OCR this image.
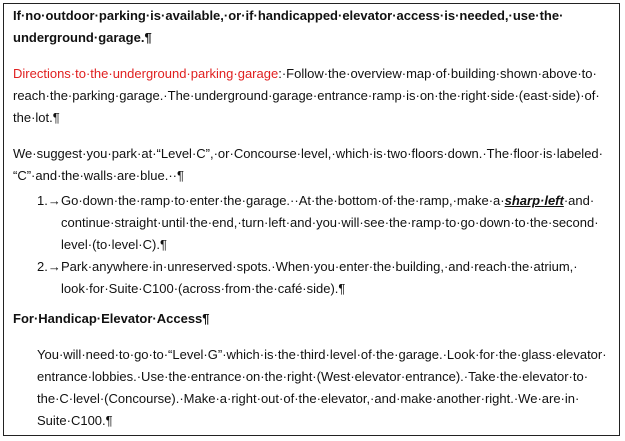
If·no·outdoor·parking·is·available,·or·if·handicapped·elevator·access·is·needed,·use·the·
underground·garage.¶
Directions·to·the·underground·parking·garage:·Follow·the·overview·map·of·building·shown·above·to·
reach·the·parking·garage.·The·underground·garage·entrance·ramp·is·on·the·right·side·(east·side)·of·
the·lot.¶
We·suggest·you·park·at·“Level·C”,·or·Concourse·level,·which·is·two·floors·down.·The·floor·is·labeled·
“C”·and·the·walls·are·blue.··¶
1.→ Go·down·the·ramp·to·enter·the·garage.··At·the·bottom·of·the·ramp,·make·a·sharp·left·and·
continue·straight·until·the·end,·turn·left·and·you·will·see·the·ramp·to·go·down·to·the·second·
level·(to·level·C).¶
2.→ Park·anywhere·in·unreserved·spots.·When·you·enter·the·building,·and·reach·the·atrium,·
look·for·Suite·C100·(across·from·the·café·side).¶
For·Handicap·Elevator·Access¶
You·will·need·to·go·to·“Level·G”·which·is·the·third·level·of·the·garage.·Look·for·the·glass·elevator·
entrance·lobbies.·Use·the·entrance·on·the·right·(West·elevator·entrance).·Take·the·elevator·to·
the·C·level·(Concourse).·Make·a·right·out·of·the·elevator,·and·make·another·right.·We·are·in·
Suite·C100.¶
